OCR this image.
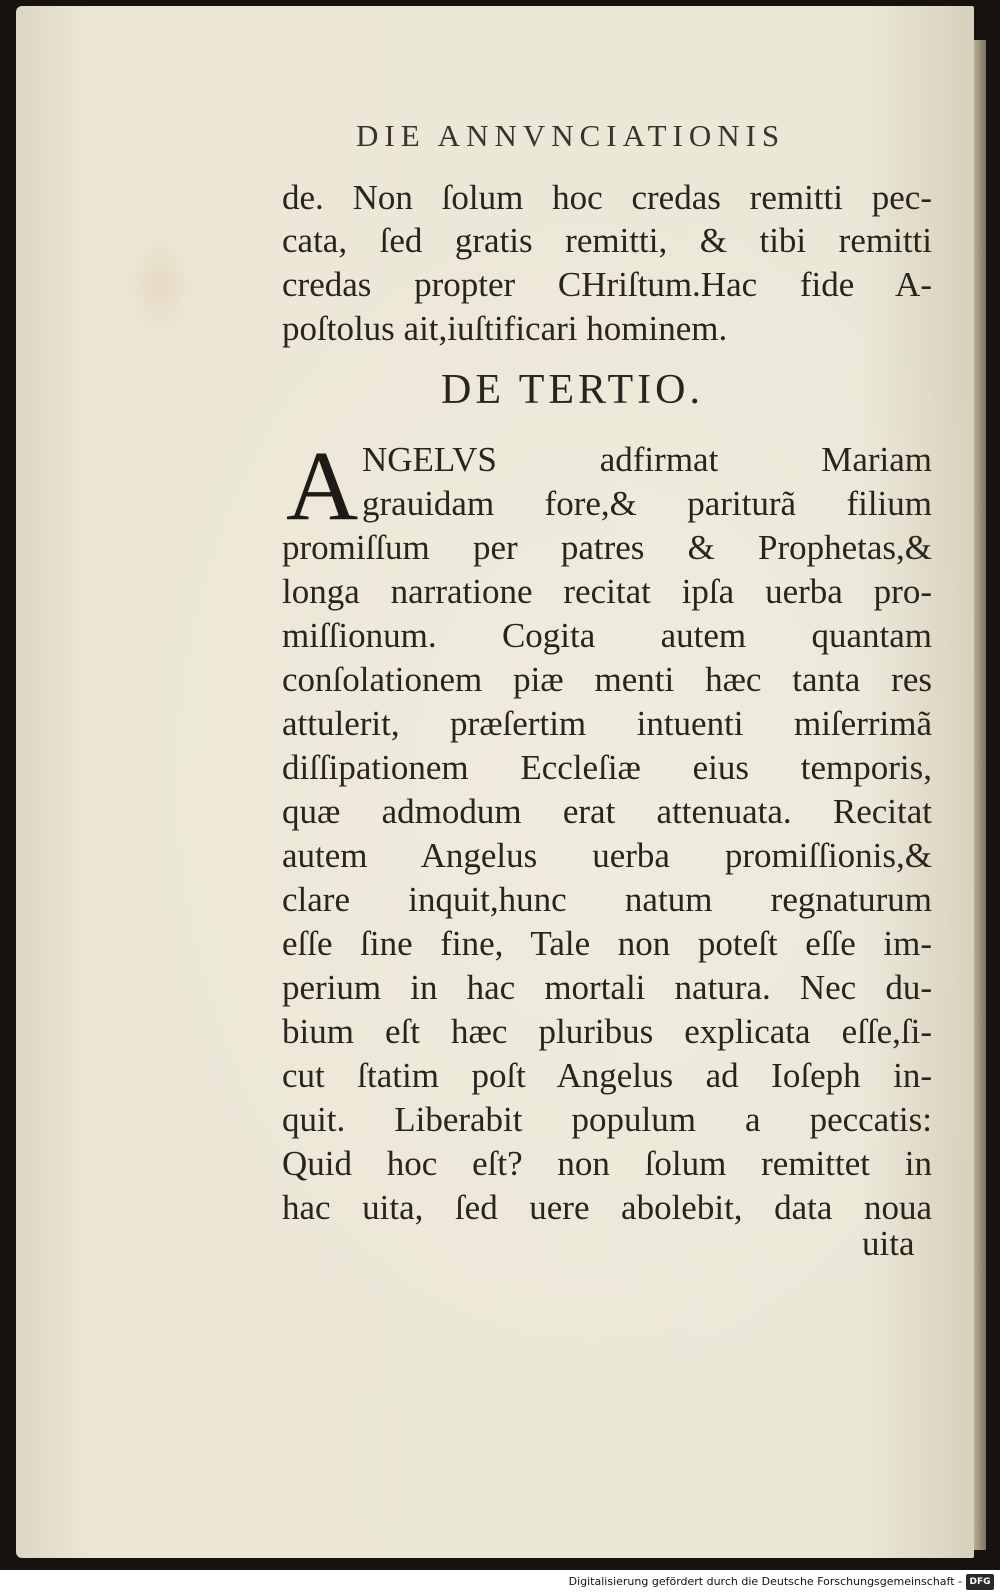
DIE ANNVNCIATIONIS
de. Non ſolum hoc credas remitti pec-
cata, ſed gratis remitti, & tibi remitti
credas propter CHriſtum.Hac fide A-
poſtolus ait,iuſtificari hominem.
DE TERTIO.
A NGELVS adfirmat Mariam
grauidam fore,& pariturã filium
promiſſum per patres & Prophetas,&
longa narratione recitat ipſa uerba pro-
miſſionum. Cogita autem quantam
conſolationem piæ menti hæc tanta res
attulerit, præſertim intuenti miſerrimã
diſſipationem Eccleſiæ eius temporis,
quæ admodum erat attenuata. Recitat
autem Angelus uerba promiſſionis,&
clare inquit,hunc natum regnaturum
eſſe ſine fine, Tale non poteſt eſſe im-
perium in hac mortali natura. Nec du-
bium eſt hæc pluribus explicata eſſe,ſi-
cut ſtatim poſt Angelus ad Ioſeph in-
quit. Liberabit populum a peccatis:
Quid hoc eſt? non ſolum remittet in
hac uita, ſed uere abolebit, data noua
uita
Digitalisierung gefördert durch die Deutsche Forschungsgemeinschaft - DFG
